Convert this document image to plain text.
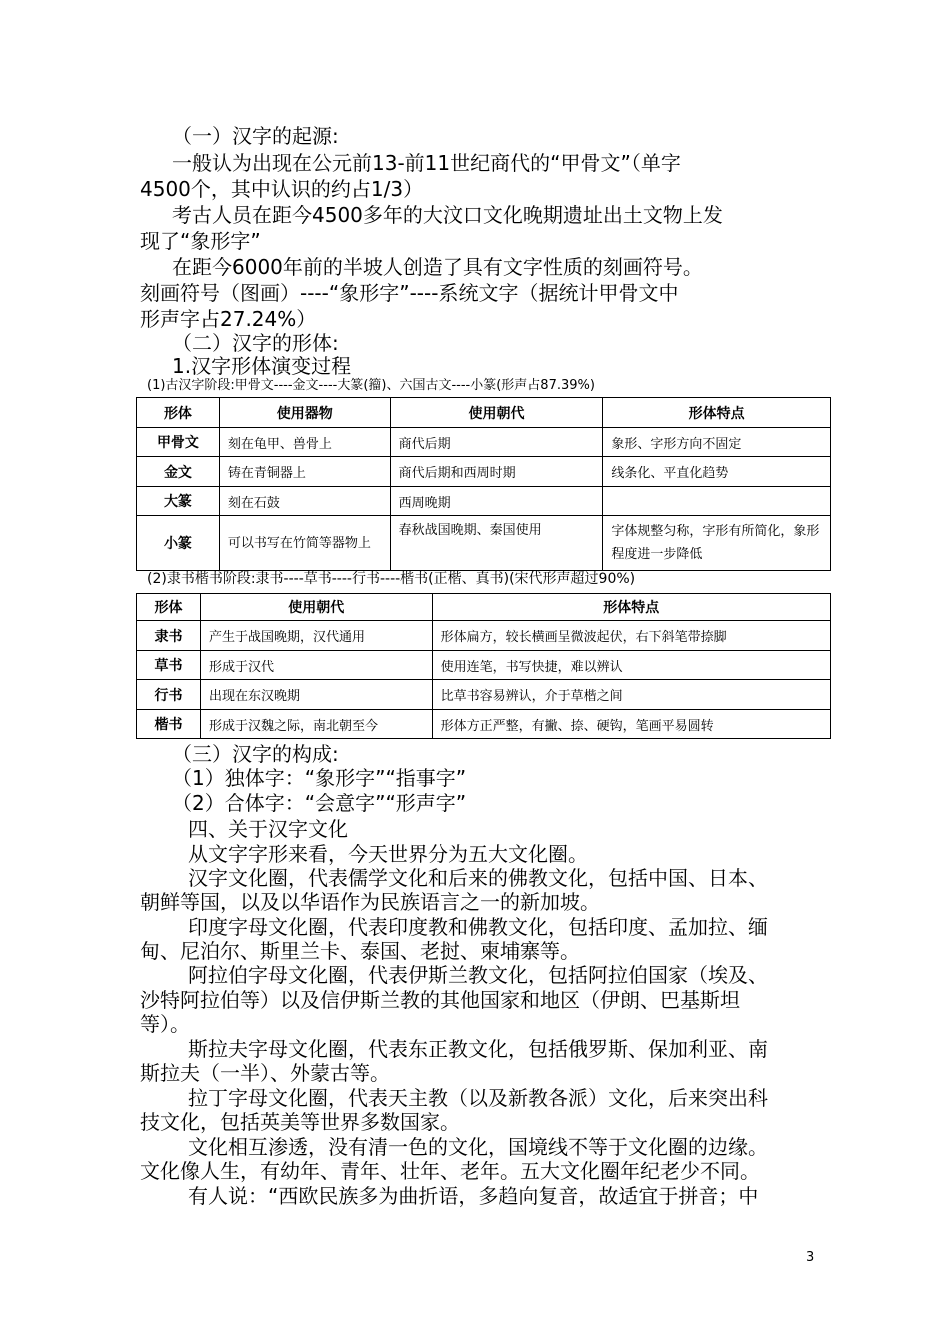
（一）汉字的起源:
一般认为出现在公元前13-前11世纪商代的“甲骨文”（单字
4500个，其中认识的约占1/3）
考古人员在距今4500多年的大汶口文化晚期遗址出土文物上发
现了“象形字”
在距今6000年前的半坡人创造了具有文字性质的刻画符号。
刻画符号（图画）----“象形字”----系统文字（据统计甲骨文中
形声字占27.24%）
（二）汉字的形体:
1.汉字形体演变过程
(1)古汉字阶段:甲骨文----金文----大篆(籀)、六国古文----小篆(形声占87.39%)
形体	使用器物	使用朝代	形体特点
甲骨文	刻在龟甲、兽骨上	商代后期	象形、字形方向不固定
金文	铸在青铜器上	商代后期和西周时期	线条化、平直化趋势
大篆	刻在石鼓	西周晚期	
小篆	可以书写在竹简等器物上	春秋战国晚期、秦国使用	字体规整匀称，字形有所简化，象形程度进一步降低
(2)隶书楷书阶段:隶书----草书----行书----楷书(正楷、真书)(宋代形声超过90%)
形体	使用朝代	形体特点
隶书	产生于战国晚期，汉代通用	形体扁方，较长横画呈微波起伏，右下斜笔带捺脚
草书	形成于汉代	使用连笔，书写快捷，难以辨认
行书	出现在东汉晚期	比草书容易辨认，介于草楷之间
楷书	形成于汉魏之际，南北朝至今	形体方正严整，有撇、捺、硬钩，笔画平易圆转
（三）汉字的构成:
（1）独体字：“象形字”“指事字”
（2）合体字：“会意字”“形声字”
四、关于汉字文化
从文字字形来看，今天世界分为五大文化圈。
汉字文化圈，代表儒学文化和后来的佛教文化，包括中国、日本、
朝鲜等国，以及以华语作为民族语言之一的新加坡。
印度字母文化圈，代表印度教和佛教文化，包括印度、孟加拉、缅
甸、尼泊尔、斯里兰卡、泰国、老挝、柬埔寨等。
阿拉伯字母文化圈，代表伊斯兰教文化，包括阿拉伯国家（埃及、
沙特阿拉伯等）以及信伊斯兰教的其他国家和地区（伊朗、巴基斯坦
等）。
斯拉夫字母文化圈，代表东正教文化，包括俄罗斯、保加利亚、南
斯拉夫（一半）、外蒙古等。
拉丁字母文化圈，代表天主教（以及新教各派）文化，后来突出科
技文化，包括英美等世界多数国家。
文化相互渗透，没有清一色的文化，国境线不等于文化圈的边缘。
文化像人生，有幼年、青年、壮年、老年。五大文化圈年纪老少不同。
有人说：“西欧民族多为曲折语，多趋向复音，故适宜于拼音；中
3
